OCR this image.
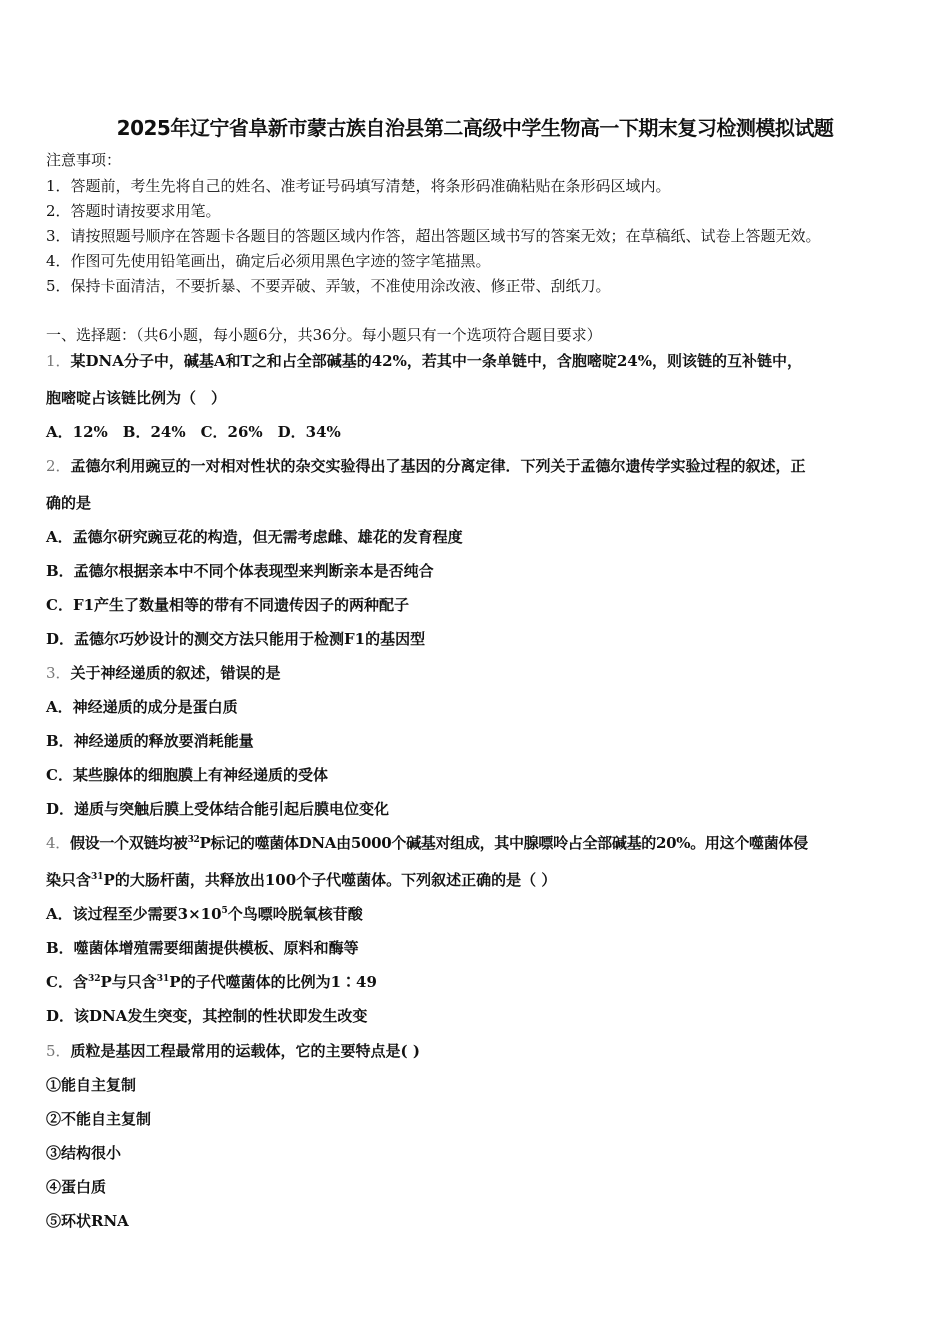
2025年辽宁省阜新市蒙古族自治县第二高级中学生物高一下期末复习检测模拟试题
注意事项：
1．答题前，考生先将自己的姓名、准考证号码填写清楚，将条形码准确粘贴在条形码区域内。
2．答题时请按要求用笔。
3．请按照题号顺序在答题卡各题目的答题区域内作答，超出答题区域书写的答案无效；在草稿纸、试卷上答题无效。
4．作图可先使用铅笔画出，确定后必须用黑色字迹的签字笔描黑。
5．保持卡面清洁，不要折暴、不要弄破、弄皱，不准使用涂改液、修正带、刮纸刀。
一、选择题：（共6小题，每小题6分，共36分。每小题只有一个选项符合题目要求）
1．某DNA分子中，碱基A和T之和占全部碱基的42%，若其中一条单链中，含胞嘧啶24%，则该链的互补链中，
胞嘧啶占该链比例为（　）
A．12%　B．24%　C．26%　D．34%
2．孟德尔利用豌豆的一对相对性状的杂交实验得出了基因的分离定律．下列关于孟德尔遗传学实验过程的叙述，正
确的是
A．孟德尔研究豌豆花的构造，但无需考虑雌、雄花的发育程度
B．孟德尔根据亲本中不同个体表现型来判断亲本是否纯合
C．F1产生了数量相等的带有不同遗传因子的两种配子
D．孟德尔巧妙设计的测交方法只能用于检测F1的基因型
3．关于神经递质的叙述，错误的是
A．神经递质的成分是蛋白质
B．神经递质的释放要消耗能量
C．某些腺体的细胞膜上有神经递质的受体
D．递质与突触后膜上受体结合能引起后膜电位变化
4．假设一个双链均被$^{32}$P标记的噬菌体DNA由5000个碱基对组成，其中腺嘌呤占全部碱基的20%。用这个噬菌体侵
染只含$^{31}$P的大肠杆菌，共释放出100个子代噬菌体。下列叙述正确的是（ ）
A．该过程至少需要$3\times 10^5$个鸟嘌呤脱氧核苷酸
B．噬菌体增殖需要细菌提供模板、原料和酶等
C．含$^{32}$P与只含$^{31}$P的子代噬菌体的比例为1∶49
D．该DNA发生突变，其控制的性状即发生改变
5．质粒是基因工程最常用的运载体，它的主要特点是( )
①能自主复制
②不能自主复制
③结构很小
④蛋白质
⑤环状RNA
